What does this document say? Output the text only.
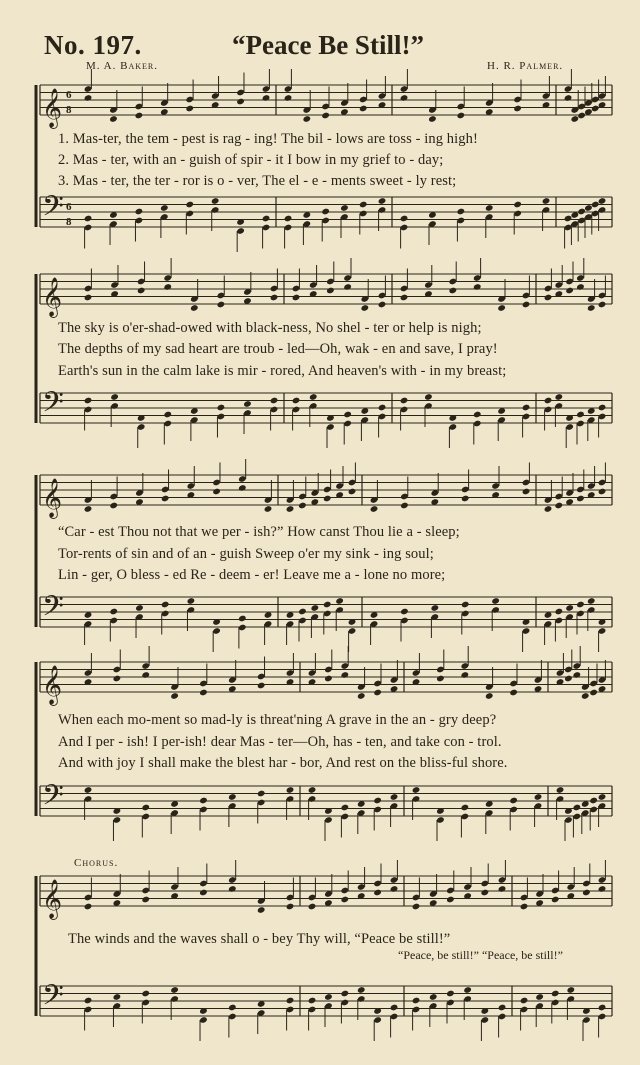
No. 197.	“Peace Be Still!”
M. A. Baker.	H. R. Palmer.
𝄞 6
8
𝄢 6
8
𝄞
𝄢
𝄞
𝄢
𝄞
𝄢
𝄞
𝄢
1. Mas-ter, the tem - pest is rag - ing! The bil - lows are toss - ing high!
2. Mas - ter, with an - guish of spir - it I bow in my grief to - day;
3. Mas - ter, the ter - ror is o - ver, The el - e - ments sweet - ly rest;
The sky is o'er-shad-owed with black-ness, No shel - ter or help is nigh;
The depths of my sad heart are troub - led—Oh, wak - en and save, I pray!
Earth's sun in the calm lake is mir - rored, And heaven's with - in my breast;
“Car - est Thou not that we per - ish?” How canst Thou lie a - sleep;
Tor-rents of sin and of an - guish Sweep o'er my sink - ing soul;
Lin - ger, O bless - ed Re - deem - er! Leave me a - lone no more;
When each mo-ment so mad-ly is threat'ning A grave in the an - gry deep?
And I per - ish! I per-ish! dear Mas - ter—Oh, has - ten, and take con - trol.
And with joy I shall make the blest har - bor, And rest on the bliss-ful shore.
Chorus.
The winds and the waves shall o - bey Thy will, “Peace be still!”
“Peace, be still!” “Peace, be still!”
